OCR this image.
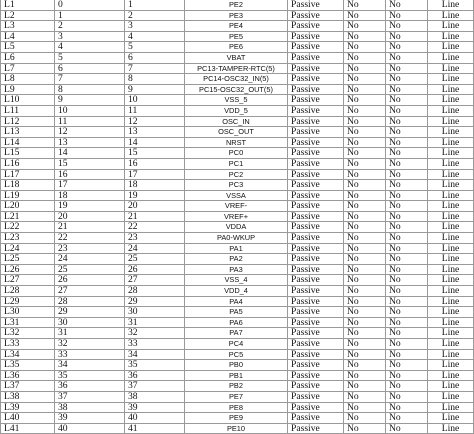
L1	0	1	PE2	Passive	No	No	Line
L2	1	2	PE3	Passive	No	No	Line
L3	2	3	PE4	Passive	No	No	Line
L4	3	4	PE5	Passive	No	No	Line
L5	4	5	PE6	Passive	No	No	Line
L6	5	6	VBAT	Passive	No	No	Line
L7	6	7	PC13-TAMPER-RTC(5)	Passive	No	No	Line
L8	7	8	PC14-OSC32_IN(5)	Passive	No	No	Line
L9	8	9	PC15-OSC32_OUT(5)	Passive	No	No	Line
L10	9	10	VSS_5	Passive	No	No	Line
L11	10	11	VDD_5	Passive	No	No	Line
L12	11	12	OSC_IN	Passive	No	No	Line
L13	12	13	OSC_OUT	Passive	No	No	Line
L14	13	14	NRST	Passive	No	No	Line
L15	14	15	PC0	Passive	No	No	Line
L16	15	16	PC1	Passive	No	No	Line
L17	16	17	PC2	Passive	No	No	Line
L18	17	18	PC3	Passive	No	No	Line
L19	18	19	VSSA	Passive	No	No	Line
L20	19	20	VREF-	Passive	No	No	Line
L21	20	21	VREF+	Passive	No	No	Line
L22	21	22	VDDA	Passive	No	No	Line
L23	22	23	PA0-WKUP	Passive	No	No	Line
L24	23	24	PA1	Passive	No	No	Line
L25	24	25	PA2	Passive	No	No	Line
L26	25	26	PA3	Passive	No	No	Line
L27	26	27	VSS_4	Passive	No	No	Line
L28	27	28	VDD_4	Passive	No	No	Line
L29	28	29	PA4	Passive	No	No	Line
L30	29	30	PA5	Passive	No	No	Line
L31	30	31	PA6	Passive	No	No	Line
L32	31	32	PA7	Passive	No	No	Line
L33	32	33	PC4	Passive	No	No	Line
L34	33	34	PC5	Passive	No	No	Line
L35	34	35	PB0	Passive	No	No	Line
L36	35	36	PB1	Passive	No	No	Line
L37	36	37	PB2	Passive	No	No	Line
L38	37	38	PE7	Passive	No	No	Line
L39	38	39	PE8	Passive	No	No	Line
L40	39	40	PE9	Passive	No	No	Line
L41	40	41	PE10	Passive	No	No	Line
